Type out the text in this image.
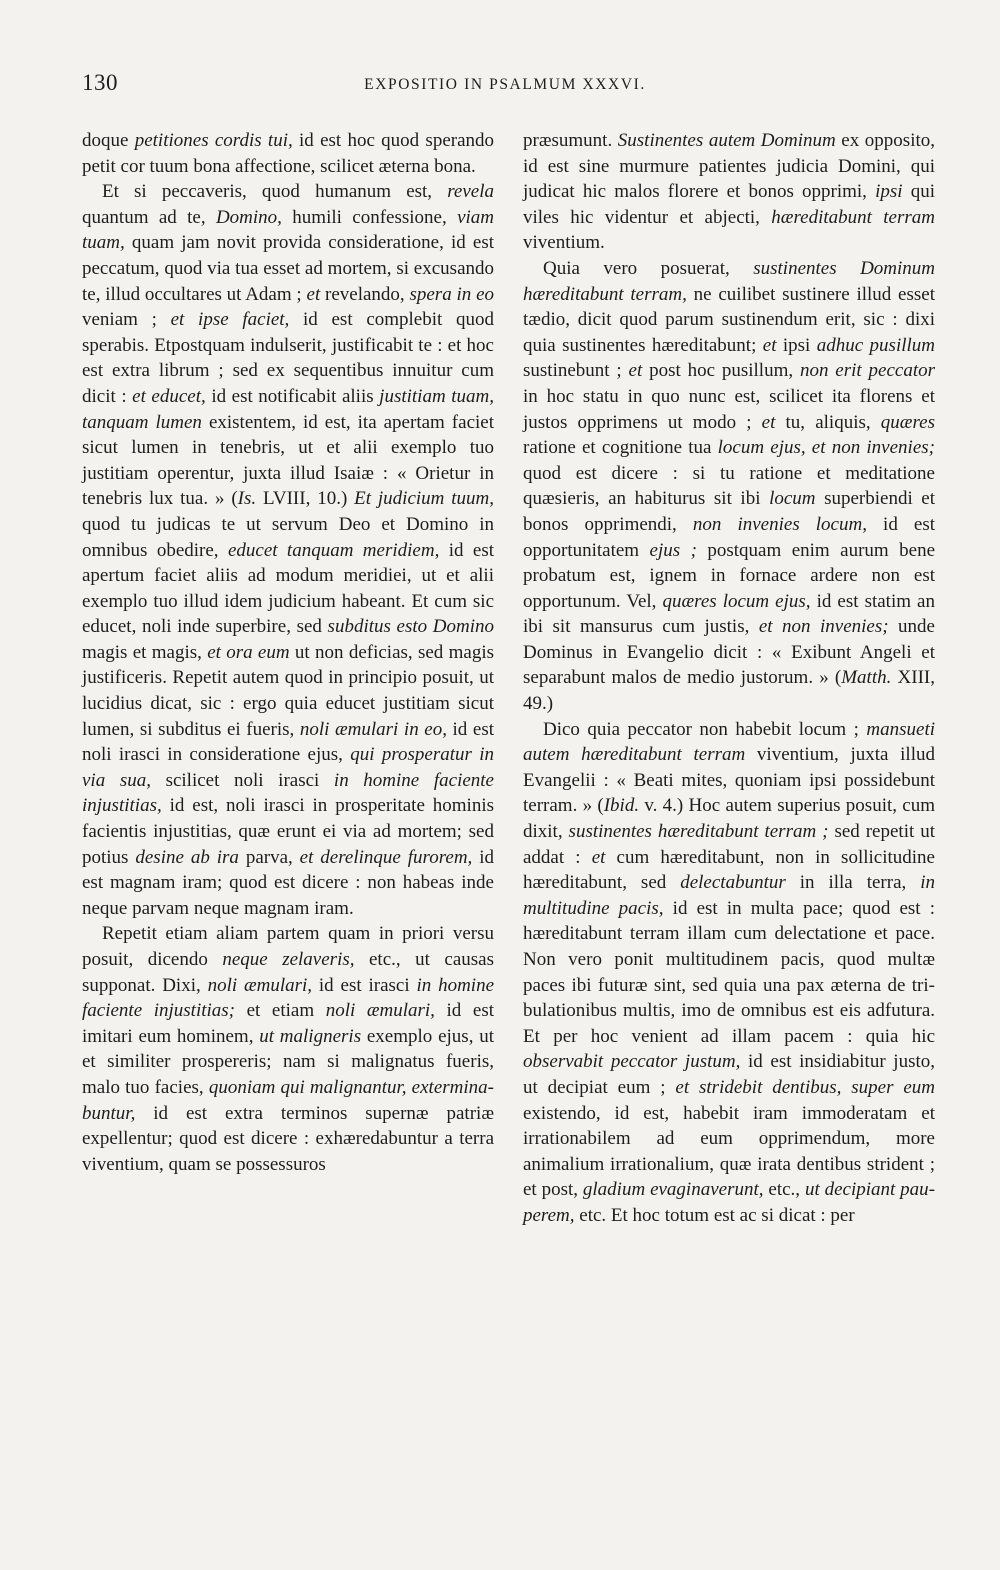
130	EXPOSITIO IN PSALMUM XXXVI.

doque petitiones cordis tui, id est hoc quod sperando petit cor tuum bona affectione, scilicet æterna bona.

Et si peccaveris, quod humanum est, revela quantum ad te, Domino, humili confessione, viam tuam, quam jam novit provida consideratione, id est peccatum, quod via tua esset ad mortem, si excusando te, illud occultares ut Adam ; et revelando, spera in eo veniam ; et ipse faciet, id est complebit quod sperabis. Etpostquam indulserit, justificabit te : et hoc est extra librum ; sed ex sequentibus innuitur cum dicit : et educet, id est notificabit aliis justitiam tuam, tanquam lumen existentem, id est, ita apertam faciet sicut lumen in tenebris, ut et alii exemplo tuo justitiam operentur, juxta illud Isaiæ : « Orietur in tenebris lux tua. » (Is. LVIII, 10.) Et judicium tuum, quod tu judicas te ut servum Deo et Domino in omnibus obedire, educet tanquam meridiem, id est apertum faciet aliis ad modum meridiei, ut et alii exemplo tuo illud idem judicium habeant. Et cum sic educet, noli inde superbire, sed subditus esto Domino magis et magis, et ora eum ut non deficias, sed magis justificeris. Repetit autem quod in principio posuit, ut lucidius dicat, sic : ergo quia educet justitiam sicut lumen, si subditus ei fueris, noli æmulari in eo, id est noli irasci in consideratione ejus, qui prosperatur in via sua, scilicet noli irasci in homine faciente injustitias, id est, noli irasci in prosperitate hominis facientis injustitias, quæ erunt ei via ad mortem; sed potius desine ab ira parva, et derelinque furorem, id est magnam iram; quod est dicere : non habeas inde neque parvam neque magnam iram.

Repetit etiam aliam partem quam in priori versu posuit, dicendo neque zelaveris, etc., ut causas supponat. Dixi, noli æmulari, id est irasci in homine faciente injustitias; et etiam noli æmulari, id est imitari eum hominem, ut maligneris exemplo ejus, ut et similiter prospereris; nam si malignatus fueris, malo tuo facies, quoniam qui malignantur, exterminabuntur, id est extra terminos supernæ patriæ expellentur; quod est dicere : exhæredabuntur a terra viventium, quam se possessuros

præsumunt. Sustinentes autem Dominum ex opposito, id est sine murmure patientes judicia Domini, qui judicat hic malos florere et bonos opprimi, ipsi qui viles hic videntur et abjecti, hæreditabunt terram viventium.

Quia vero posuerat, sustinentes Dominum hæreditabunt terram, ne cuilibet sustinere illud esset tædio, dicit quod parum sustinendum erit, sic : dixi quia sustinentes hæreditabunt; et ipsi adhuc pusillum sustinebunt ; et post hoc pusillum, non erit peccator in hoc statu in quo nunc est, scilicet ita florens et justos opprimens ut modo ; et tu, aliquis, quæres ratione et cognitione tua locum ejus, et non invenies; quod est dicere : si tu ratione et meditatione quæsieris, an habiturus sit ibi locum superbiendi et bonos opprimendi, non invenies locum, id est opportunitatem ejus ; postquam enim aurum bene probatum est, ignem in fornace ardere non est opportunum. Vel, quæres locum ejus, id est statim an ibi sit mansurus cum justis, et non invenies; unde Dominus in Evangelio dicit : « Exibunt Angeli et separabunt malos de medio justorum. » (Matth. XIII, 49.)

Dico quia peccator non habebit locum ; mansueti autem hæreditabunt terram viventium, juxta illud Evangelii : « Beati mites, quoniam ipsi possidebunt terram. » (Ibid. v. 4.) Hoc autem superius posuit, cum dixit, sustinentes hæreditabunt terram ; sed repetit ut addat : et cum hæreditabunt, non in sollicitudine hæreditabunt, sed delectabuntur in illa terra, in multitudine pacis, id est in multa pace; quod est : hæreditabunt terram illam cum delectatione et pace. Non vero ponit multitudinem pacis, quod multæ paces ibi futuræ sint, sed quia una pax æterna de tribulationibus multis, imo de omnibus est eis adfutura. Et per hoc venient ad illam pacem : quia hic observabit peccator justum, id est insidiabitur justo, ut decipiat eum ; et stridebit dentibus, super eum existendo, id est, habebit iram immoderatam et irrationabilem ad eum opprimendum, more animalium irrationalium, quæ irata dentibus strident ; et post, gladium evaginaverunt, etc., ut decipiant pauperem, etc. Et hoc totum est ac si dicat : per
